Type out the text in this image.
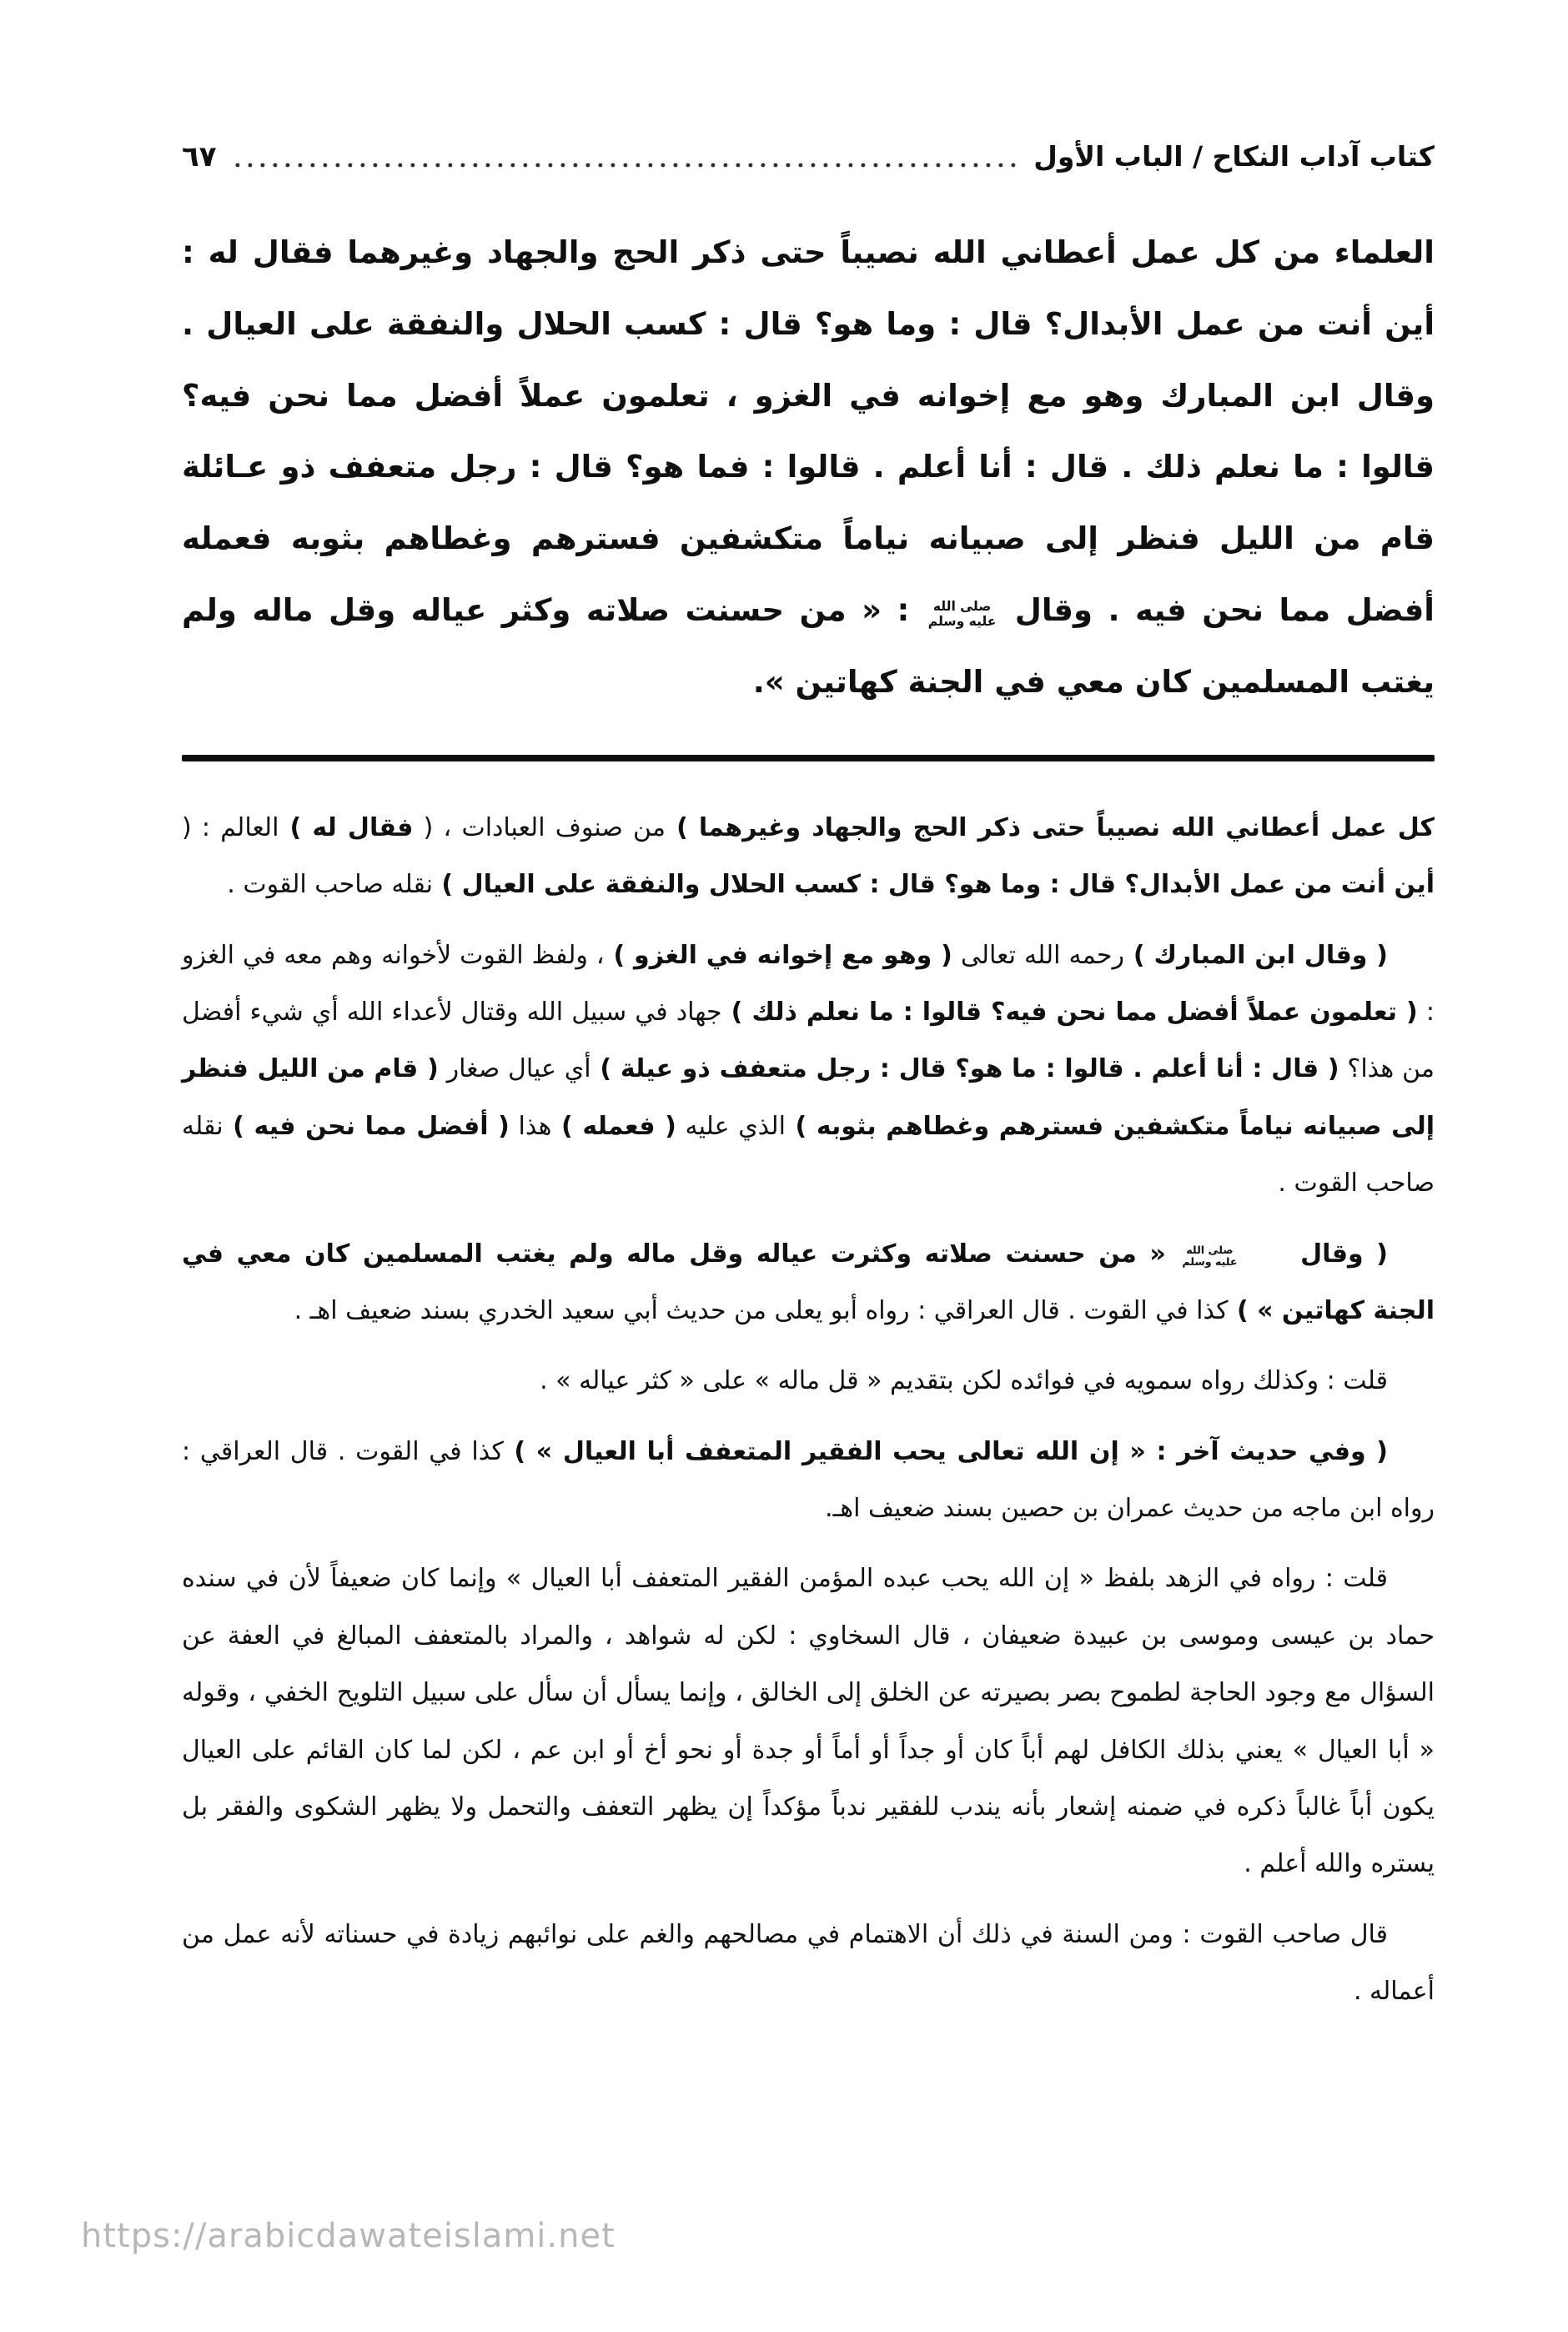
كتاب آداب النكاح / الباب الأول
٦٧

العلماء من كل عمل أعطاني الله نصيباً حتى ذكر الحج والجهاد وغيرهما فقال له : أين أنت من عمل الأبدال؟ قال : وما هو؟ قال : كسب الحلال والنفقة على العيال . وقال ابن المبارك وهو مع إخوانه في الغزو ، تعلمون عملاً أفضل مما نحن فيه؟ قالوا : ما نعلم ذلك . قال : أنا أعلم . قالوا : فما هو؟ قال : رجل متعفف ذو عـائلة قام من الليل فنظر إلى صبيانه نياماً متكشفين فسترهم وغطاهم بثوبه فعمله أفضل مما نحن فيه . وقال
صلى الله
عليه وسلم
: « من حسنت صلاته وكثر عياله وقل ماله ولم يغتب المسلمين كان معي في الجنة كهاتين ».

كل عمل أعطاني الله نصيباً حتى ذكر الحج والجهاد وغيرهما ) من صنوف العبادات ، ( فقال له ) العالم : ( أين أنت من عمل الأبدال؟ قال : وما هو؟ قال : كسب الحلال والنفقة على العيال ) نقله صاحب القوت .

( وقال ابن المبارك ) رحمه الله تعالى ( وهو مع إخوانه في الغزو ) ، ولفظ القوت لأخوانه وهم معه في الغزو : ( تعلمون عملاً أفضل مما نحن فيه؟ قالوا : ما نعلم ذلك ) جهاد في سبيل الله وقتال لأعداء الله أي شيء أفضل من هذا؟ ( قال : أنا أعلم . قالوا : ما هو؟ قال : رجل متعفف ذو عيلة ) أي عيال صغار ( قام من الليل فنظر إلى صبيانه نياماً متكشفين فسترهم وغطاهم بثوبه ) الذي عليه ( فعمله ) هذا ( أفضل مما نحن فيه ) نقله صاحب القوت .

( وقال
صلى الله
عليه وسلم
« من حسنت صلاته وكثرت عياله وقل ماله ولم يغتب المسلمين كان معي في الجنة كهاتين » ) كذا في القوت . قال العراقي : رواه أبو يعلى من حديث أبي سعيد الخدري بسند ضعيف اهـ .

قلت : وكذلك رواه سمويه في فوائده لكن بتقديم « قل ماله » على « كثر عياله » .

( وفي حديث آخر : « إن الله تعالى يحب الفقير المتعفف أبا العيال » ) كذا في القوت . قال العراقي : رواه ابن ماجه من حديث عمران بن حصين بسند ضعيف اهـ.

قلت : رواه في الزهد بلفظ « إن الله يحب عبده المؤمن الفقير المتعفف أبا العيال » وإنما كان ضعيفاً لأن في سنده حماد بن عيسى وموسى بن عبيدة ضعيفان ، قال السخاوي : لكن له شواهد ، والمراد بالمتعفف المبالغ في العفة عن السؤال مع وجود الحاجة لطموح بصر بصيرته عن الخلق إلى الخالق ، وإنما يسأل أن سأل على سبيل التلويح الخفي ، وقوله « أبا العيال » يعني بذلك الكافل لهم أباً كان أو جداً أو أماً أو جدة أو نحو أخ أو ابن عم ، لكن لما كان القائم على العيال يكون أباً غالباً ذكره في ضمنه إشعار بأنه يندب للفقير ندباً مؤكداً إن يظهر التعفف والتحمل ولا يظهر الشكوى والفقر بل يستره والله أعلم .

قال صاحب القوت : ومن السنة في ذلك أن الاهتمام في مصالحهم والغم على نوائبهم زيادة في حسناته لأنه عمل من أعماله .

https://arabicdawateislami.net
